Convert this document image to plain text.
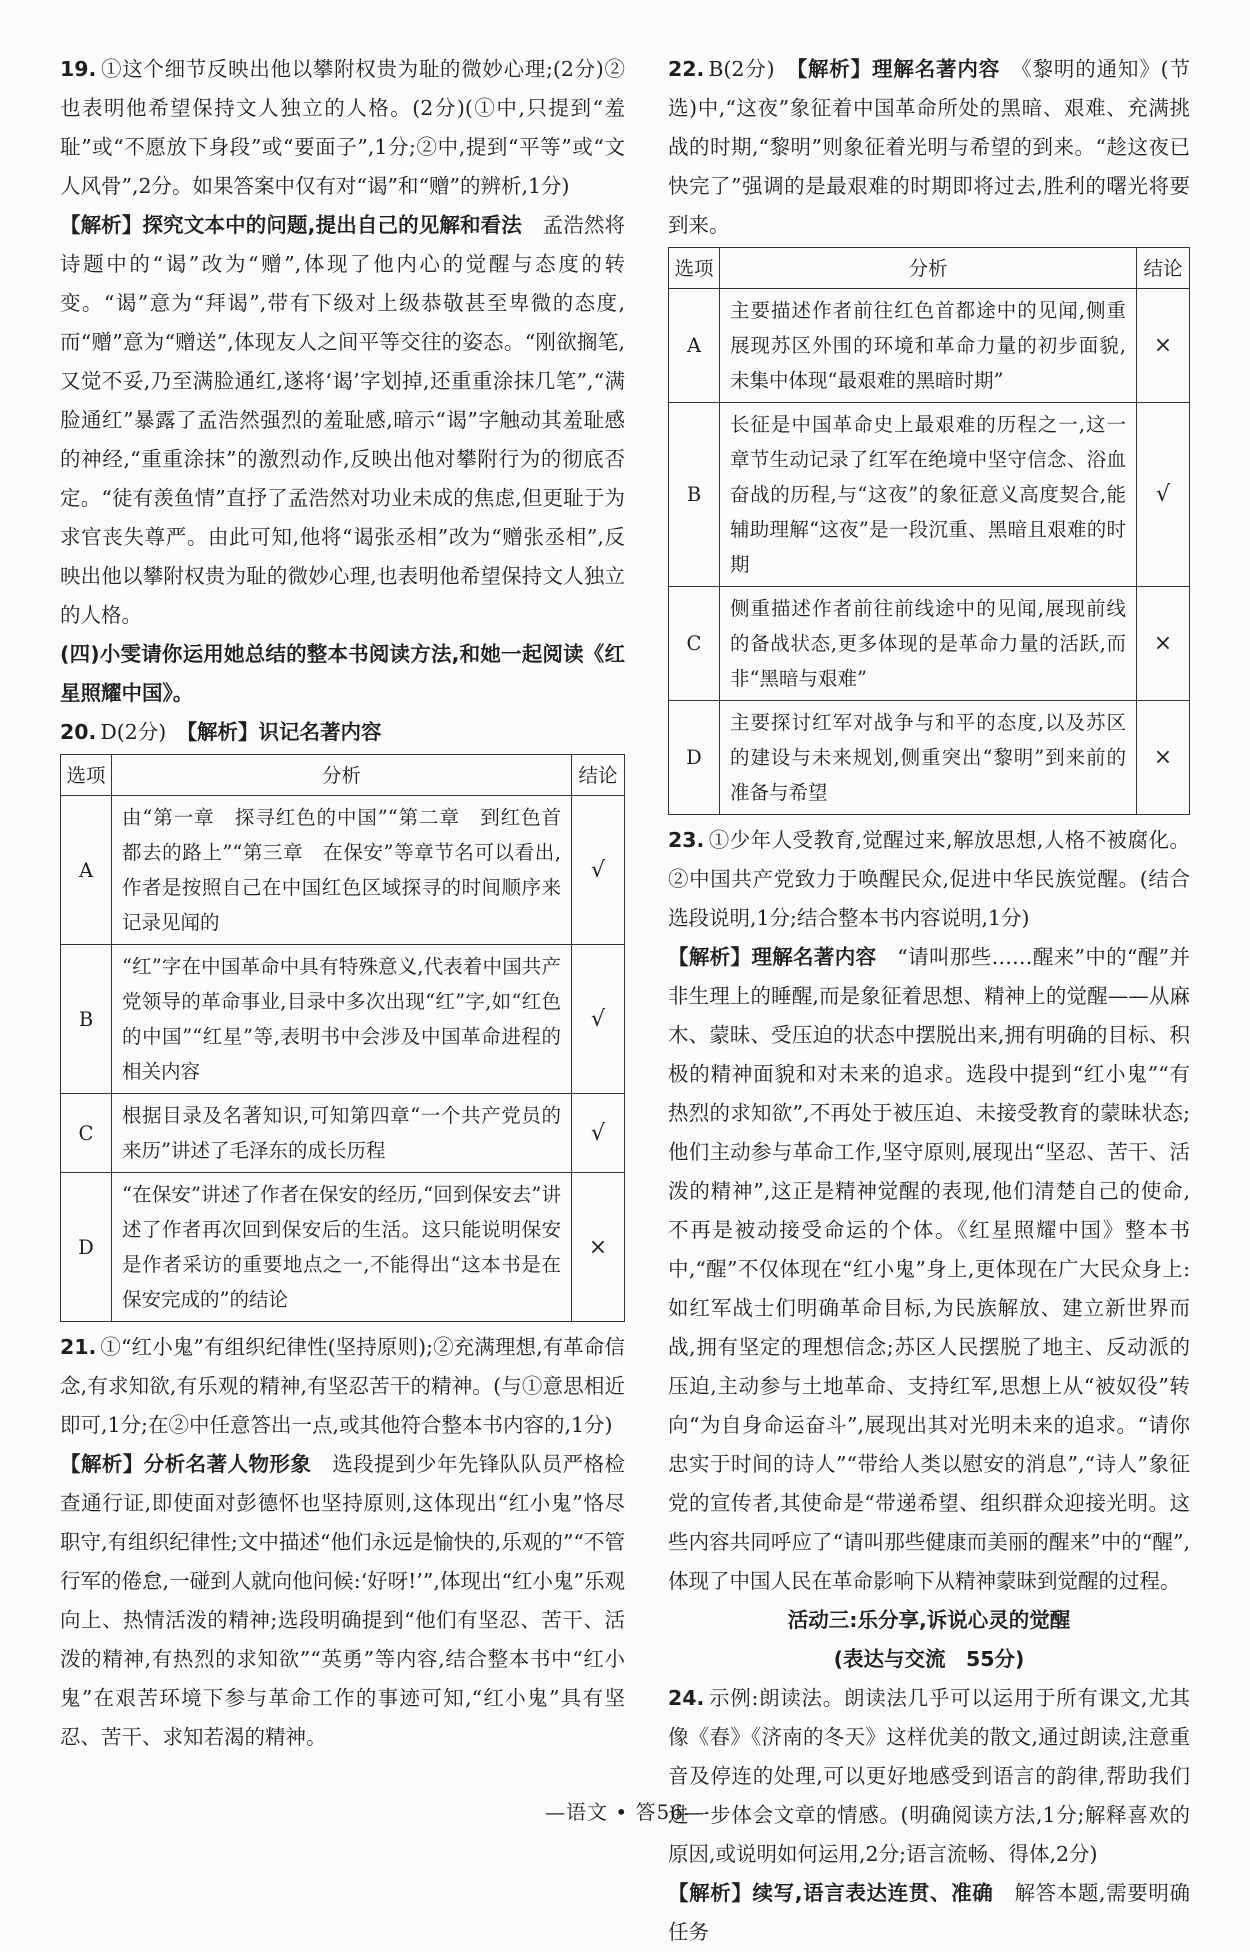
19. ①这个细节反映出他以攀附权贵为耻的微妙心理;(2分)②也表明他希望保持文人独立的人格。(2分)(①中,只提到“羞耻”或“不愿放下身段”或“要面子”,1分;②中,提到“平等”或“文人风骨”,2分。如果答案中仅有对“谒”和“赠”的辨析,1分)

【解析】探究文本中的问题,提出自己的见解和看法　 孟浩然将诗题中的“谒”改为“赠”,体现了他内心的觉醒与态度的转变。“谒”意为“拜谒”,带有下级对上级恭敬甚至卑微的态度,而“赠”意为“赠送”,体现友人之间平等交往的姿态。“刚欲搁笔,又觉不妥,乃至满脸通红,遂将‘谒’字划掉,还重重涂抹几笔”,“满脸通红”暴露了孟浩然强烈的羞耻感,暗示“谒”字触动其羞耻感的神经,“重重涂抹”的激烈动作,反映出他对攀附行为的彻底否定。“徒有羡鱼情”直抒了孟浩然对功业未成的焦虑,但更耻于为求官丧失尊严。由此可知,他将“谒张丞相”改为“赠张丞相”,反映出他以攀附权贵为耻的微妙心理,也表明他希望保持文人独立的人格。

(四)小雯请你运用她总结的整本书阅读方法,和她一起阅读《红星照耀中国》。

20. D(2分)　 【解析】识记名著内容

选项	分析	结论
A	由“第一章　探寻红色的中国”“第二章　到红色首都去的路上”“第三章　在保安”等章节名可以看出,作者是按照自己在中国红色区域探寻的时间顺序来记录见闻的	√
B	“红”字在中国革命中具有特殊意义,代表着中国共产党领导的革命事业,目录中多次出现“红”字,如“红色的中国”“红星”等,表明书中会涉及中国革命进程的相关内容	√
C	根据目录及名著知识,可知第四章“一个共产党员的来历”讲述了毛泽东的成长历程	√
D	“在保安”讲述了作者在保安的经历,“回到保安去”讲述了作者再次回到保安后的生活。这只能说明保安是作者采访的重要地点之一,不能得出“这本书是在保安完成的”的结论	×

21. ①“红小鬼”有组织纪律性(坚持原则);②充满理想,有革命信念,有求知欲,有乐观的精神,有坚忍苦干的精神。(与①意思相近即可,1分;在②中任意答出一点,或其他符合整本书内容的,1分)

【解析】分析名著人物形象　 选段提到少年先锋队队员严格检查通行证,即使面对彭德怀也坚持原则,这体现出“红小鬼”恪尽职守,有组织纪律性;文中描述“他们永远是愉快的,乐观的”“不管行军的倦怠,一碰到人就向他问候:‘好呀!’”,体现出“红小鬼”乐观向上、热情活泼的精神;选段明确提到“他们有坚忍、苦干、活泼的精神,有热烈的求知欲”“英勇”等内容,结合整本书中“红小鬼”在艰苦环境下参与革命工作的事迹可知,“红小鬼”具有坚忍、苦干、求知若渴的精神。

22. B(2分)　 【解析】理解名著内容　 《黎明的通知》(节选)中,“这夜”象征着中国革命所处的黑暗、艰难、充满挑战的时期,“黎明”则象征着光明与希望的到来。“趁这夜已快完了”强调的是最艰难的时期即将过去,胜利的曙光将要到来。

选项	分析	结论
A	主要描述作者前往红色首都途中的见闻,侧重展现苏区外围的环境和革命力量的初步面貌,未集中体现“最艰难的黑暗时期”	×
B	长征是中国革命史上最艰难的历程之一,这一章节生动记录了红军在绝境中坚守信念、浴血奋战的历程,与“这夜”的象征意义高度契合,能辅助理解“这夜”是一段沉重、黑暗且艰难的时期	√
C	侧重描述作者前往前线途中的见闻,展现前线的备战状态,更多体现的是革命力量的活跃,而非“黑暗与艰难”	×
D	主要探讨红军对战争与和平的态度,以及苏区的建设与未来规划,侧重突出“黎明”到来前的准备与希望	×

23. ①少年人受教育,觉醒过来,解放思想,人格不被腐化。②中国共产党致力于唤醒民众,促进中华民族觉醒。(结合选段说明,1分;结合整本书内容说明,1分)

【解析】理解名著内容　 “请叫那些……醒来”中的“醒”并非生理上的睡醒,而是象征着思想、精神上的觉醒——从麻木、蒙昧、受压迫的状态中摆脱出来,拥有明确的目标、积极的精神面貌和对未来的追求。选段中提到“红小鬼”“有热烈的求知欲”,不再处于被压迫、未接受教育的蒙昧状态;他们主动参与革命工作,坚守原则,展现出“坚忍、苦干、活泼的精神”,这正是精神觉醒的表现,他们清楚自己的使命,不再是被动接受命运的个体。《红星照耀中国》整本书中,“醒”不仅体现在“红小鬼”身上,更体现在广大民众身上:如红军战士们明确革命目标,为民族解放、建立新世界而战,拥有坚定的理想信念;苏区人民摆脱了地主、反动派的压迫,主动参与土地革命、支持红军,思想上从“被奴役”转向“为自身命运奋斗”,展现出其对光明未来的追求。“请你忠实于时间的诗人”“带给人类以慰安的消息”,“诗人”象征党的宣传者,其使命是“带递希望、组织群众迎接光明。这些内容共同呼应了“请叫那些健康而美丽的醒来”中的“醒”,体现了中国人民在革命影响下从精神蒙昧到觉醒的过程。

活动三:乐分享,诉说心灵的觉醒

(表达与交流　55分)

24. 示例:朗读法。朗读法几乎可以运用于所有课文,尤其像《春》《济南的冬天》这样优美的散文,通过朗读,注意重音及停连的处理,可以更好地感受到语言的韵律,帮助我们进一步体会文章的情感。(明确阅读方法,1分;解释喜欢的原因,或说明如何运用,2分;语言流畅、得体,2分)

【解析】续写,语言表达连贯、准确　 解答本题,需要明确任务

—语文 • 答56—
